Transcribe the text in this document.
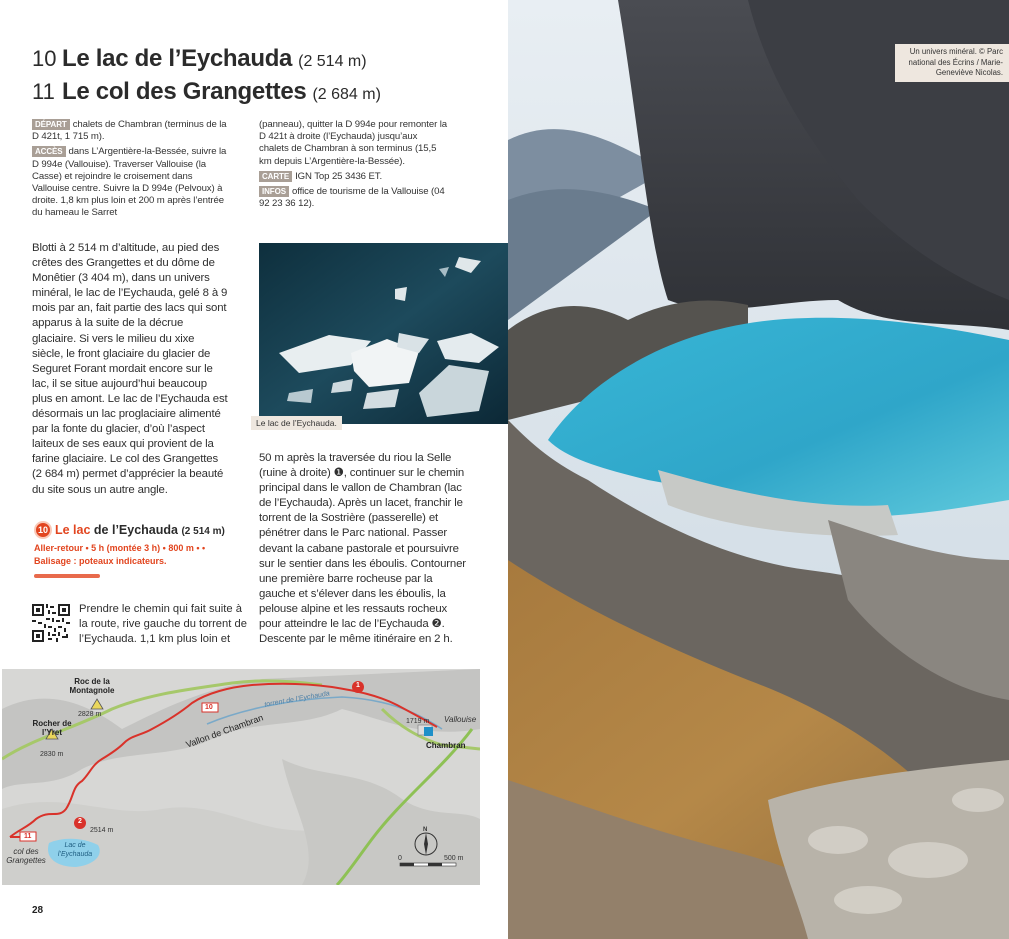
10 Le lac de l’Eychauda (2 514 m)
11 Le col des Grangettes (2 684 m)

DÉPART chalets de Chambran (terminus de la D 421t, 1 715 m).

ACCÈS dans L’Argentière-la-Bessée, suivre la D 994e (Vallouise). Traverser Vallouise (la Casse) et rejoindre le croisement dans Vallouise centre. Suivre la D 994e (Pelvoux) à droite. 1,8 km plus loin et 200 m après l’entrée du hameau le Sarret

(panneau), quitter la D 994e pour remonter la D 421t à droite (l’Eychauda) jusqu’aux chalets de Chambran à son terminus (15,5 km depuis L’Argentière-la-Bessée).

CARTE IGN Top 25 3436 ET.

INFOS office de tourisme de la Vallouise (04 92 23 36 12).

Blotti à 2 514 m d’altitude, au pied des crêtes des Grangettes et du dôme de Monêtier (3 404 m), dans un univers minéral, le lac de l’Eychauda, gelé 8 à 9 mois par an, fait partie des lacs qui sont apparus à la suite de la décrue glaciaire. Si vers le milieu du xixe siècle, le front glaciaire du glacier de Seguret Forant mordait encore sur le lac, il se situe aujourd’hui beaucoup plus en amont. Le lac de l’Eychauda est désormais un lac proglaciaire alimenté par la fonte du glacier, d’où l’aspect laiteux de ses eaux qui provient de la farine glaciaire. Le col des Grangettes (2 684 m) permet d’apprécier la beauté du site sous un autre angle.
Le lac de l’Eychauda.
10 Le lac de l’Eychauda (2 514 m)
Aller-retour • 5 h (montée 3 h) • 800 m • •
Balisage : poteaux indicateurs.
Prendre le chemin qui fait suite à la route, rive gauche du torrent de l’Eychauda. 1,1 km plus loin et
50 m après la traversée du riou la Selle (ruine à droite) ❶, continuer sur le chemin principal dans le vallon de Chambran (lac de l’Eychauda). Après un lacet, franchir le torrent de la Sostrière (passerelle) et pénétrer dans le Parc national. Passer devant la cabane pastorale et poursuivre sur le sentier dans les éboulis. Contourner une première barre rocheuse par la gauche et s’élever dans les éboulis, la pelouse alpine et les ressauts rocheux pour atteindre le lac de l’Eychauda ❷. Descente par le même itinéraire en 2 h.
Roc de la Montagnole
2828 m
Rocher de l’Yret
2830 m
Vallon de Chambran
torrent de l’Eychauda
10
11
Chambran
1719 m Vallouise
Lac de l’Eychauda
2514 m
col des Grangettes
1
2
0	500 m
N
28
Un univers minéral. © Parc national des Écrins / Marie-Geneviève Nicolas.
